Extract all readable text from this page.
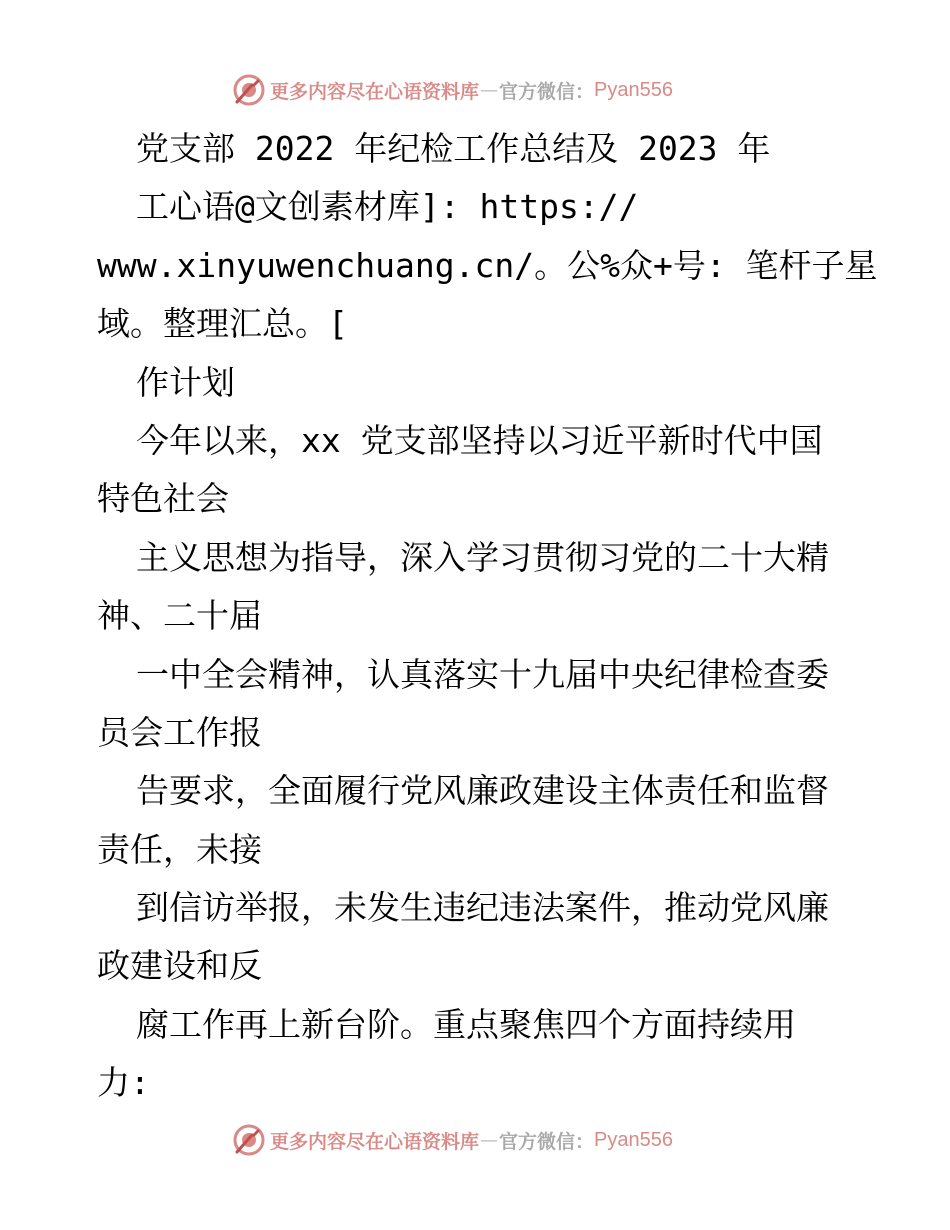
更多内容尽在心语资料库 — 官方微信： Pyan556
党支部 2022 年纪检工作总结及 2023 年
工心语@文创素材库]: https://
www.xinyuwenchuang.cn/。公%众+号: 笔杆子星
域。整理汇总。[
作计划
今年以来，xx 党支部坚持以习近平新时代中国
特色社会
主义思想为指导，深入学习贯彻习党的二十大精
神、二十届
一中全会精神，认真落实十九届中央纪律检查委
员会工作报
告要求，全面履行党风廉政建设主体责任和监督
责任，未接
到信访举报，未发生违纪违法案件，推动党风廉
政建设和反
腐工作再上新台阶。重点聚焦四个方面持续用
力:
更多内容尽在心语资料库 — 官方微信： Pyan556
